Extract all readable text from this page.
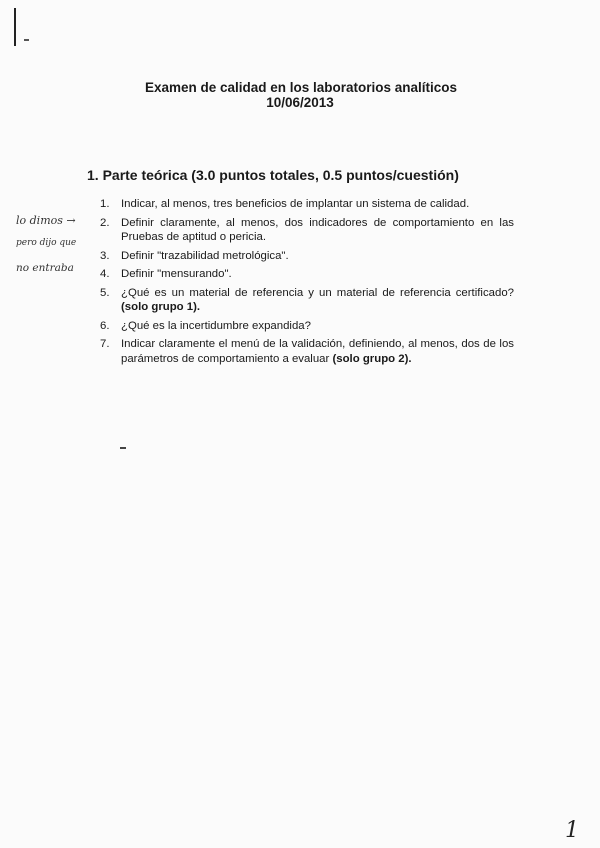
Examen de calidad en los laboratorios analíticos
10/06/2013
1. Parte teórica (3.0 puntos totales, 0.5 puntos/cuestión)
1.	Indicar, al menos, tres beneficios de implantar un sistema de calidad.
2.	Definir claramente, al menos, dos indicadores de comportamiento en las Pruebas de aptitud o pericia.
3.	Definir "trazabilidad metrológica".
4.	Definir "mensurando".
5.	¿Qué es un material de referencia y un material de referencia certificado? (solo grupo 1).
6.	¿Qué es la incertidumbre expandida?
7.	Indicar claramente el menú de la validación, definiendo, al menos, dos de los parámetros de comportamiento a evaluar (solo grupo 2).
lo dimos →
pero dijo que
no entraba
1
